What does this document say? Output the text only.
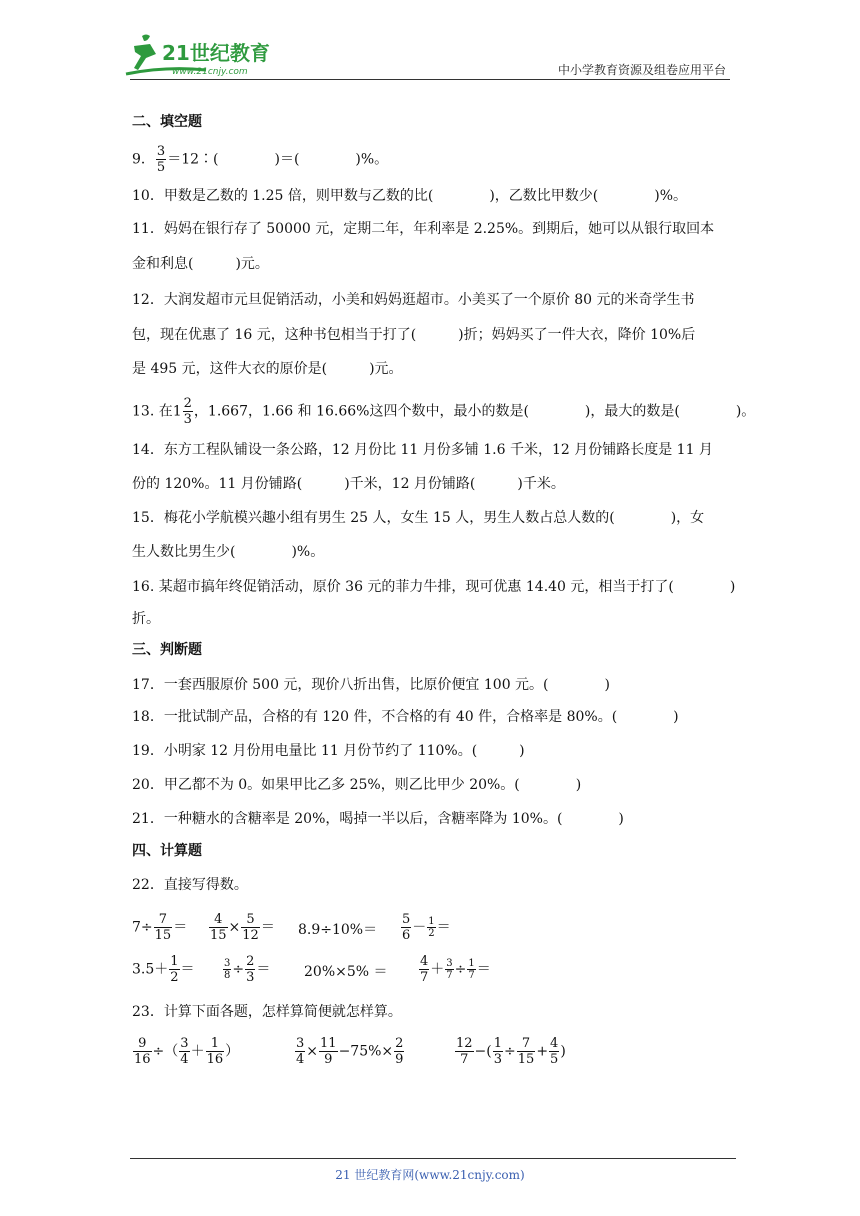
21世纪教育
www.21cnjy.com	中小学教育资源及组卷应用平台
二、填空题
9． $\frac{3}{5}$ ＝12∶(　　　　)＝(　　　　)%。
10．甲数是乙数的 1.25 倍，则甲数与乙数的比(　　　　)，乙数比甲数少(　　　　)%。
11．妈妈在银行存了 50000 元，定期二年，年利率是 2.25%。到期后，她可以从银行取回本
金和利息(　　　)元。
12．大润发超市元旦促销活动，小美和妈妈逛超市。小美买了一个原价 80 元的米奇学生书
包，现在优惠了 16 元，这种书包相当于打了(　　　)折；妈妈买了一件大衣，降价 10%后
是 495 元，这件大衣的原价是(　　　)元。
13. 在$1 \frac{2}{3}$ ，1.667，1.66 和 16.66%这四个数中，最小的数是(　　　　)，最大的数是(　　　　)。
14．东方工程队铺设一条公路，12 月份比 11 月份多铺 1.6 千米，12 月份铺路长度是 11 月
份的 120%。11 月份铺路(　　　)千米，12 月份铺路(　　　)千米。
15．梅花小学航模兴趣小组有男生 25 人，女生 15 人，男生人数占总人数的(　　　　)，女
生人数比男生少(　　　　)%。
16. 某超市搞年终促销活动，原价 36 元的菲力牛排，现可优惠 14.40 元，相当于打了(　　　　)
折。
三、判断题
17．一套西服原价 500 元，现价八折出售，比原价便宜 100 元。(　　　　)
18．一批试制产品，合格的有 120 件，不合格的有 40 件，合格率是 80%。(　　　　)
19．小明家 12 月份用电量比 11 月份节约了 110%。(　　　)
20．甲乙都不为 0。如果甲比乙多 25%，则乙比甲少 20%。(　　　　)
21．一种糖水的含糖率是 20%，喝掉一半以后，含糖率降为 10%。(　　　　)
四、计算题
22．直接写得数。
$7\div \frac{7}{15} = \frac{4}{15} \times \frac{5}{12} = 8.9\div 10\%= \frac{5}{6} - \frac{1}{2}$ ＝
$3.5+ \frac{1}{2}$ ＝	$\frac{3}{8} \div \frac{2}{3} = 20\%\times 5\% = \frac{4}{7} + \frac{3}{7} \div \frac{1}{7}$ ＝
23．计算下面各题，怎样算简便就怎样算。
$\frac{9}{16}$ ÷（ $\frac{3}{4} + \frac{1}{16}$ ）	$\frac{3}{4} \times \frac{11}{9} -75\%\times \frac{2}{9}$	$\frac{12}{7}$ −( $\frac{1}{3} \div \frac{7}{15} + \frac{4}{5}$ )
21 世纪教育网(www.21cnjy.com)
